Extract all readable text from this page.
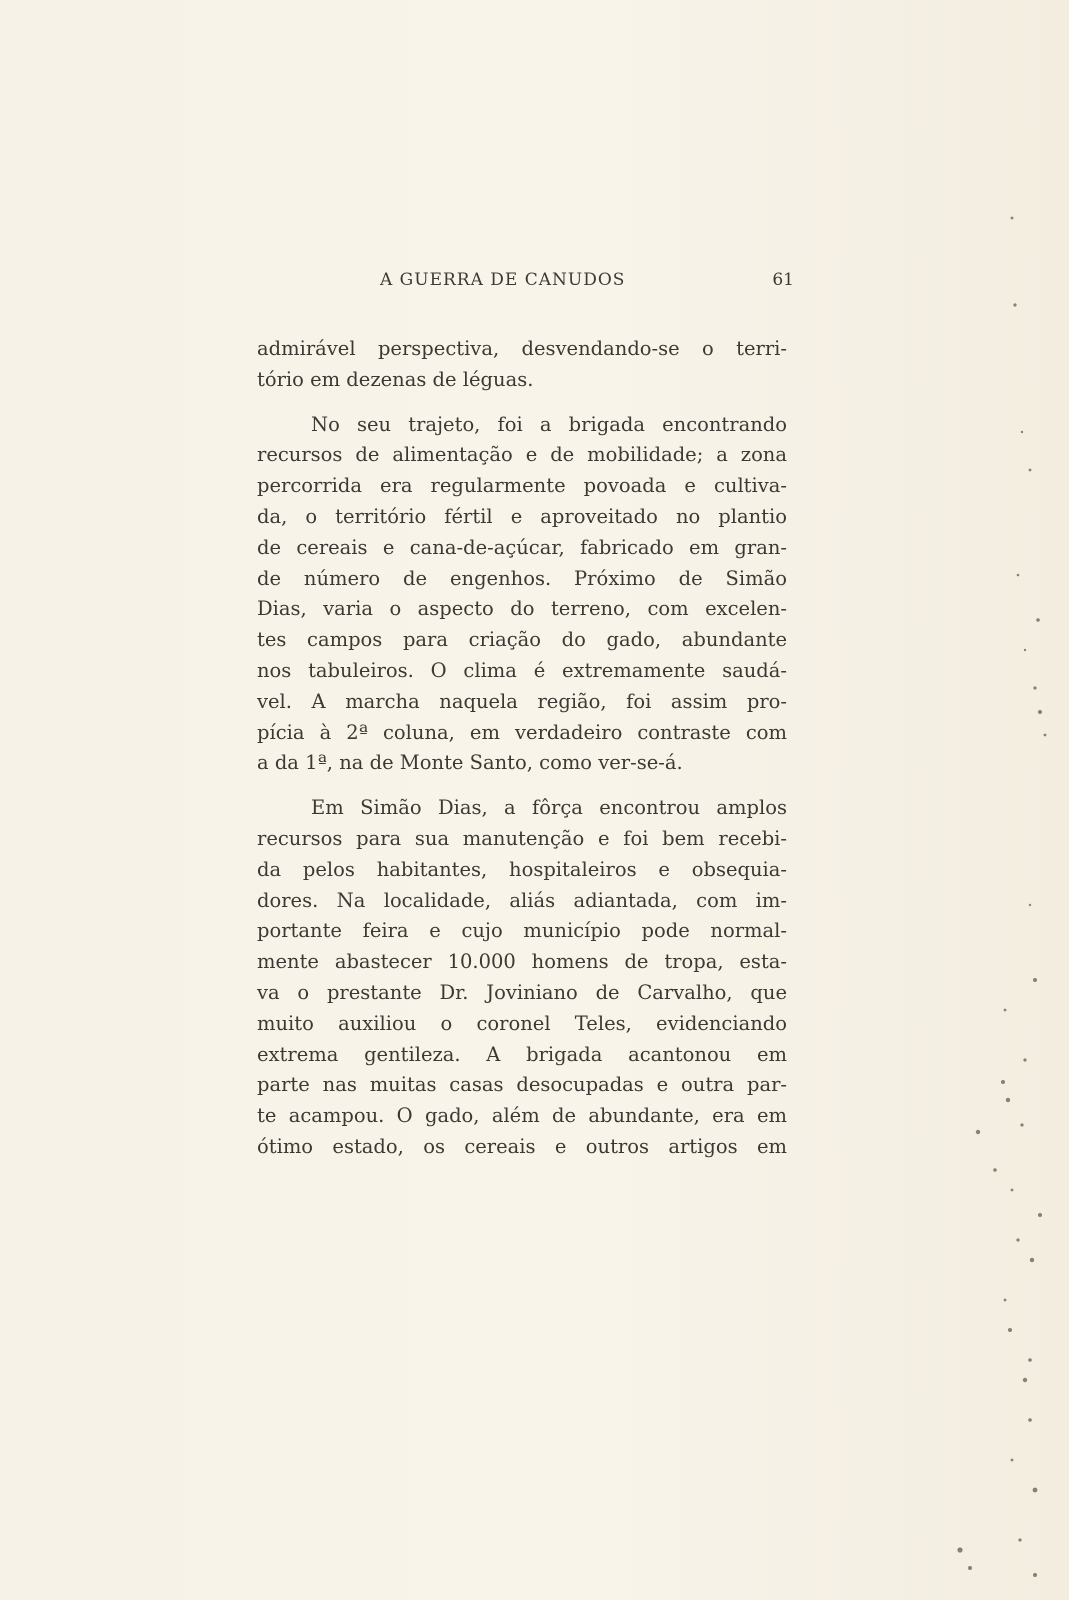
A GUERRA DE CANUDOS	61

admirável perspectiva, desvendando-se o terri-
tório em dezenas de léguas.

No seu trajeto, foi a brigada encontrando
recursos de alimentação e de mobilidade; a zona
percorrida era regularmente povoada e cultiva-
da, o território fértil e aproveitado no plantio
de cereais e cana-de-açúcar, fabricado em gran-
de número de engenhos. Próximo de Simão
Dias, varia o aspecto do terreno, com excelen-
tes campos para criação do gado, abundante
nos tabuleiros. O clima é extremamente saudá-
vel. A marcha naquela região, foi assim pro-
pícia à 2ª coluna, em verdadeiro contraste com
a da 1ª, na de Monte Santo, como ver-se-á.

Em Simão Dias, a fôrça encontrou amplos
recursos para sua manutenção e foi bem recebi-
da pelos habitantes, hospitaleiros e obsequia-
dores. Na localidade, aliás adiantada, com im-
portante feira e cujo município pode normal-
mente abastecer 10.000 homens de tropa, esta-
va o prestante Dr. Joviniano de Carvalho, que
muito auxiliou o coronel Teles, evidenciando
extrema gentileza. A brigada acantonou em
parte nas muitas casas desocupadas e outra par-
te acampou. O gado, além de abundante, era em
ótimo estado, os cereais e outros artigos em
